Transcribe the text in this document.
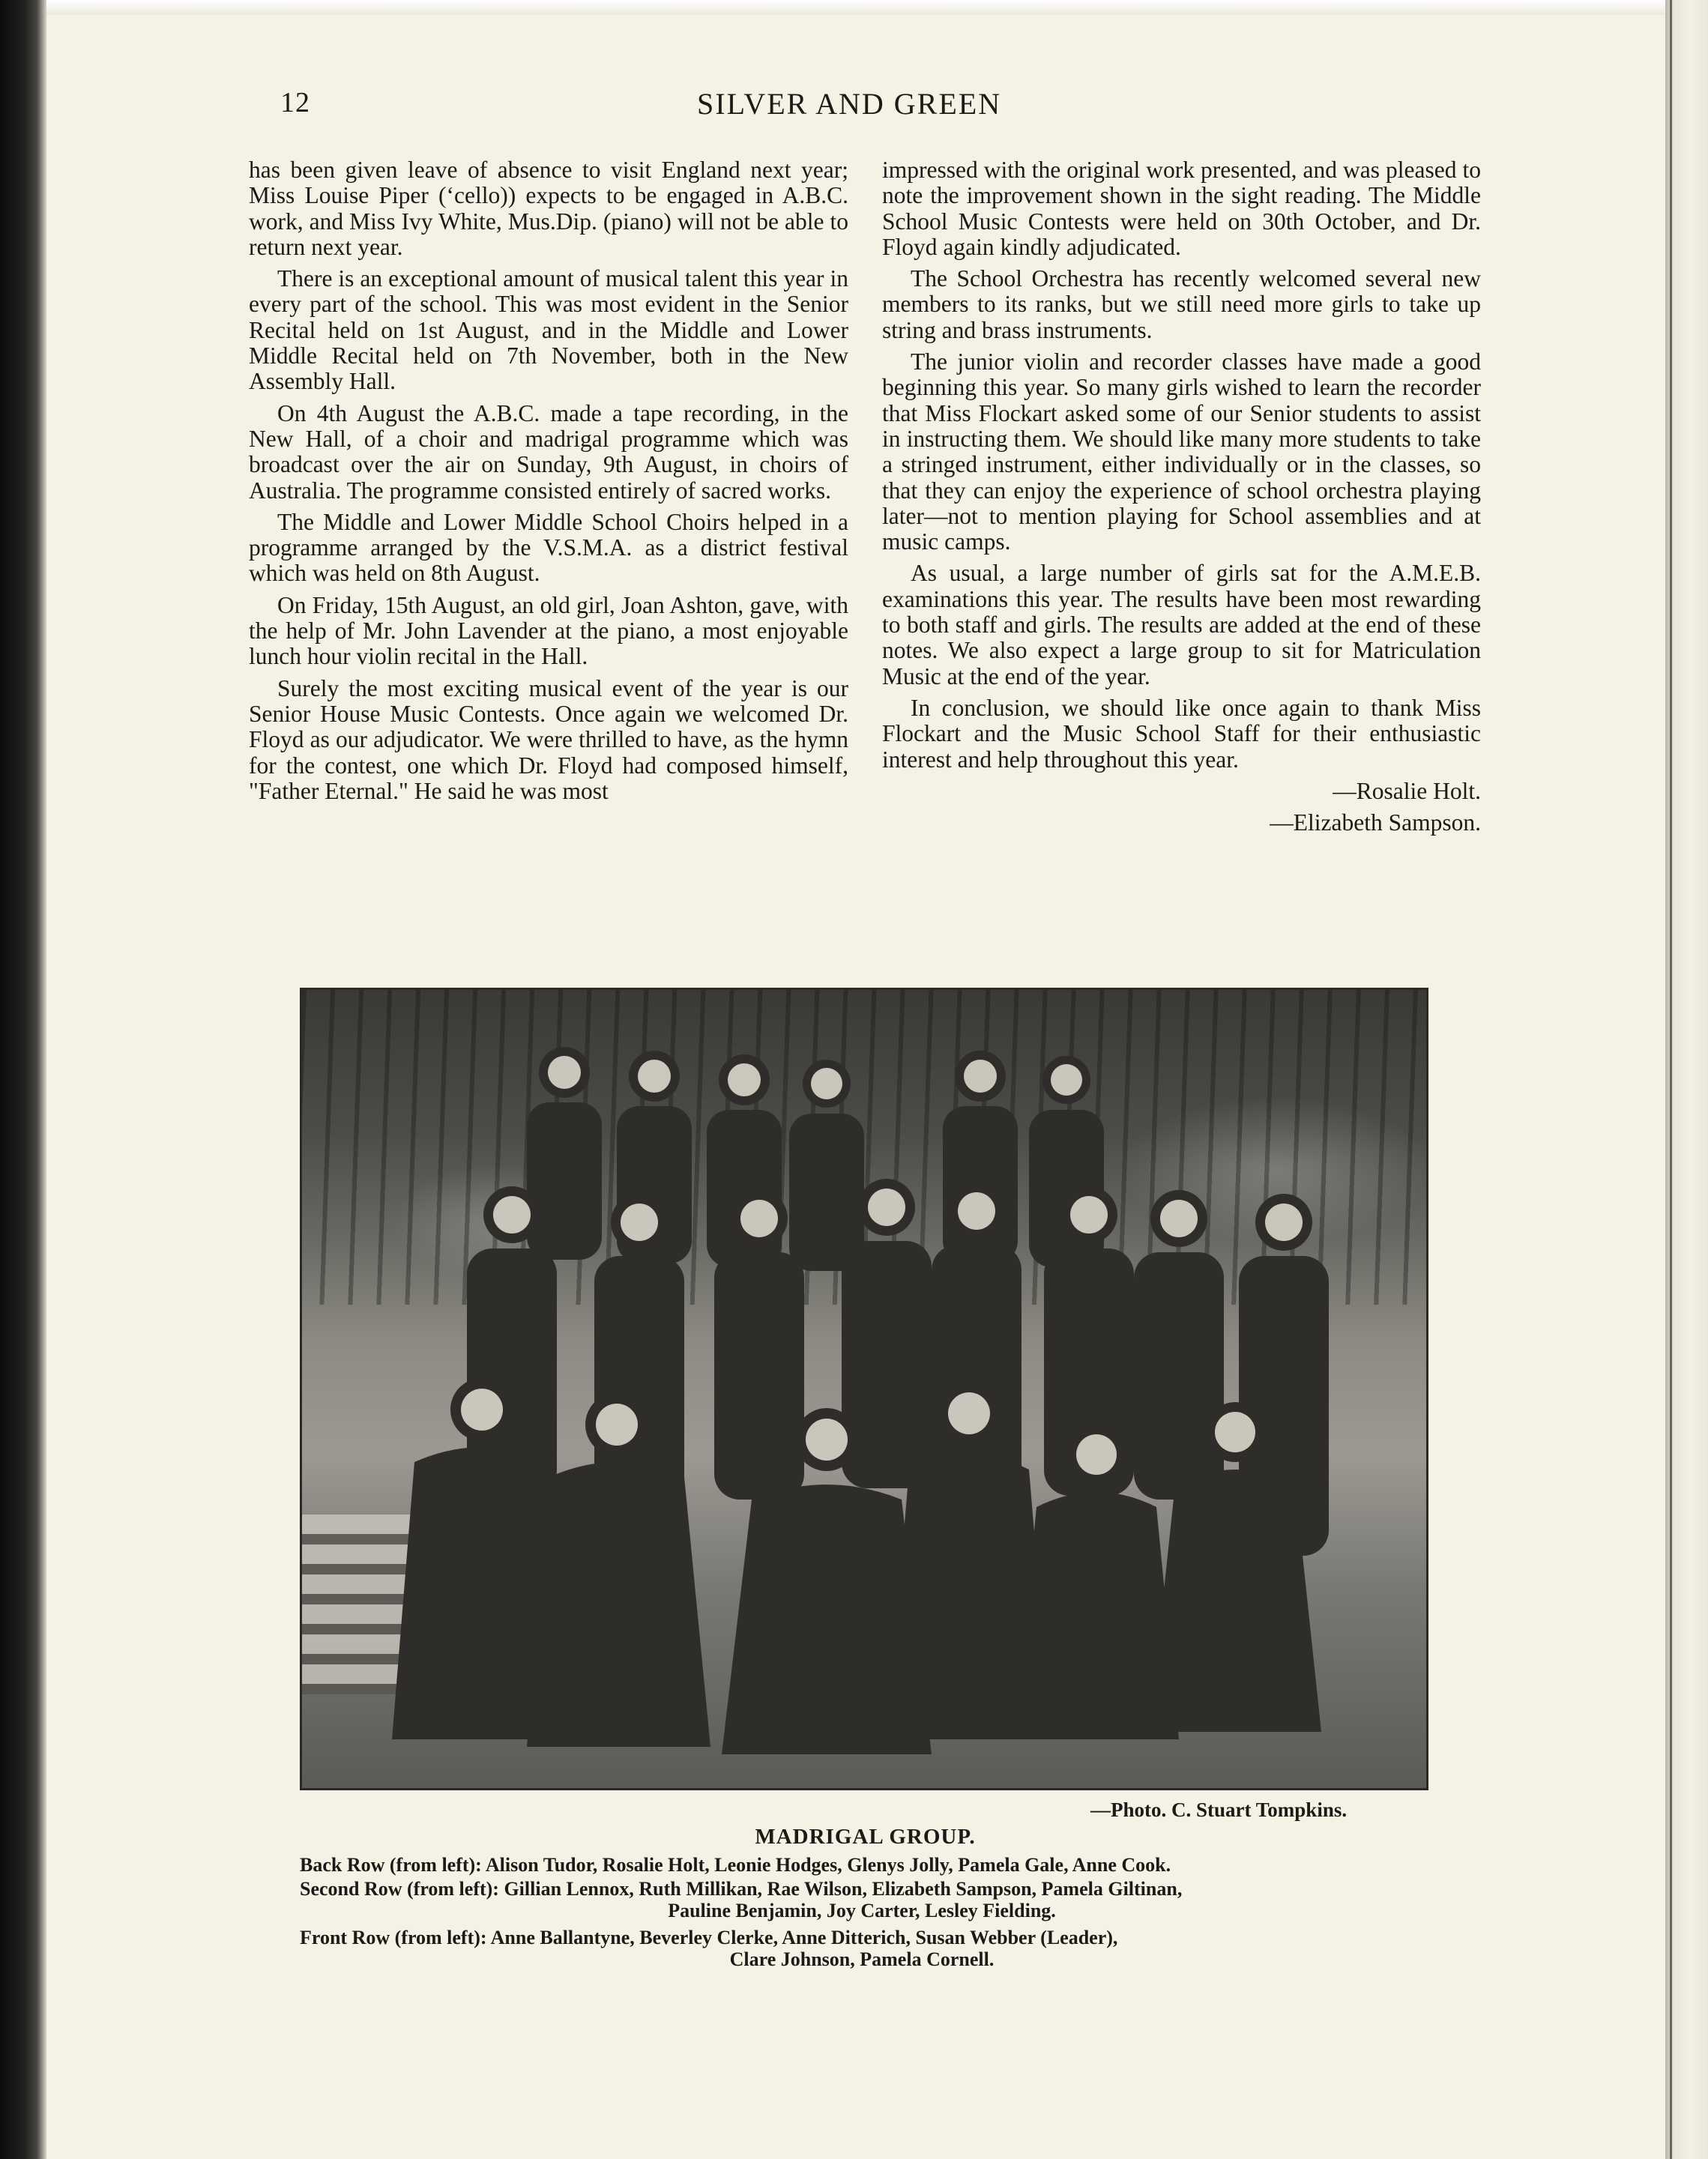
12	SILVER AND GREEN

has been given leave of absence to visit England next year; Miss Louise Piper (‘cello)) expects to be engaged in A.B.C. work, and Miss Ivy White, Mus.Dip. (piano) will not be able to return next year.

There is an exceptional amount of musical talent this year in every part of the school. This was most evident in the Senior Recital held on 1st August, and in the Middle and Lower Middle Recital held on 7th November, both in the New Assembly Hall.

On 4th August the A.B.C. made a tape recording, in the New Hall, of a choir and madrigal programme which was broadcast over the air on Sunday, 9th August, in choirs of Australia. The programme consisted entirely of sacred works.

The Middle and Lower Middle School Choirs helped in a programme arranged by the V.S.M.A. as a district festival which was held on 8th August.

On Friday, 15th August, an old girl, Joan Ashton, gave, with the help of Mr. John Lavender at the piano, a most enjoyable lunch hour violin recital in the Hall.

Surely the most exciting musical event of the year is our Senior House Music Contests. Once again we welcomed Dr. Floyd as our adjudicator. We were thrilled to have, as the hymn for the contest, one which Dr. Floyd had composed himself, "Father Eternal." He said he was most

impressed with the original work presented, and was pleased to note the improvement shown in the sight reading. The Middle School Music Contests were held on 30th October, and Dr. Floyd again kindly adjudicated.

The School Orchestra has recently welcomed several new members to its ranks, but we still need more girls to take up string and brass instruments.

The junior violin and recorder classes have made a good beginning this year. So many girls wished to learn the recorder that Miss Flockart asked some of our Senior students to assist in instructing them. We should like many more students to take a stringed instrument, either individually or in the classes, so that they can enjoy the experience of school orchestra playing later—not to mention playing for School assemblies and at music camps.

As usual, a large number of girls sat for the A.M.E.B. examinations this year. The results have been most rewarding to both staff and girls. The results are added at the end of these notes. We also expect a large group to sit for Matriculation Music at the end of the year.

In conclusion, we should like once again to thank Miss Flockart and the Music School Staff for their enthusiastic interest and help throughout this year.

—Rosalie Holt.

—Elizabeth Sampson.

—Photo. C. Stuart Tompkins.
MADRIGAL GROUP.
Back Row (from left): Alison Tudor, Rosalie Holt, Leonie Hodges, Glenys Jolly, Pamela Gale, Anne Cook.
Second Row (from left): Gillian Lennox, Ruth Millikan, Rae Wilson, Elizabeth Sampson, Pamela Giltinan,
Pauline Benjamin, Joy Carter, Lesley Fielding.
Front Row (from left): Anne Ballantyne, Beverley Clerke, Anne Ditterich, Susan Webber (Leader),
Clare Johnson, Pamela Cornell.
